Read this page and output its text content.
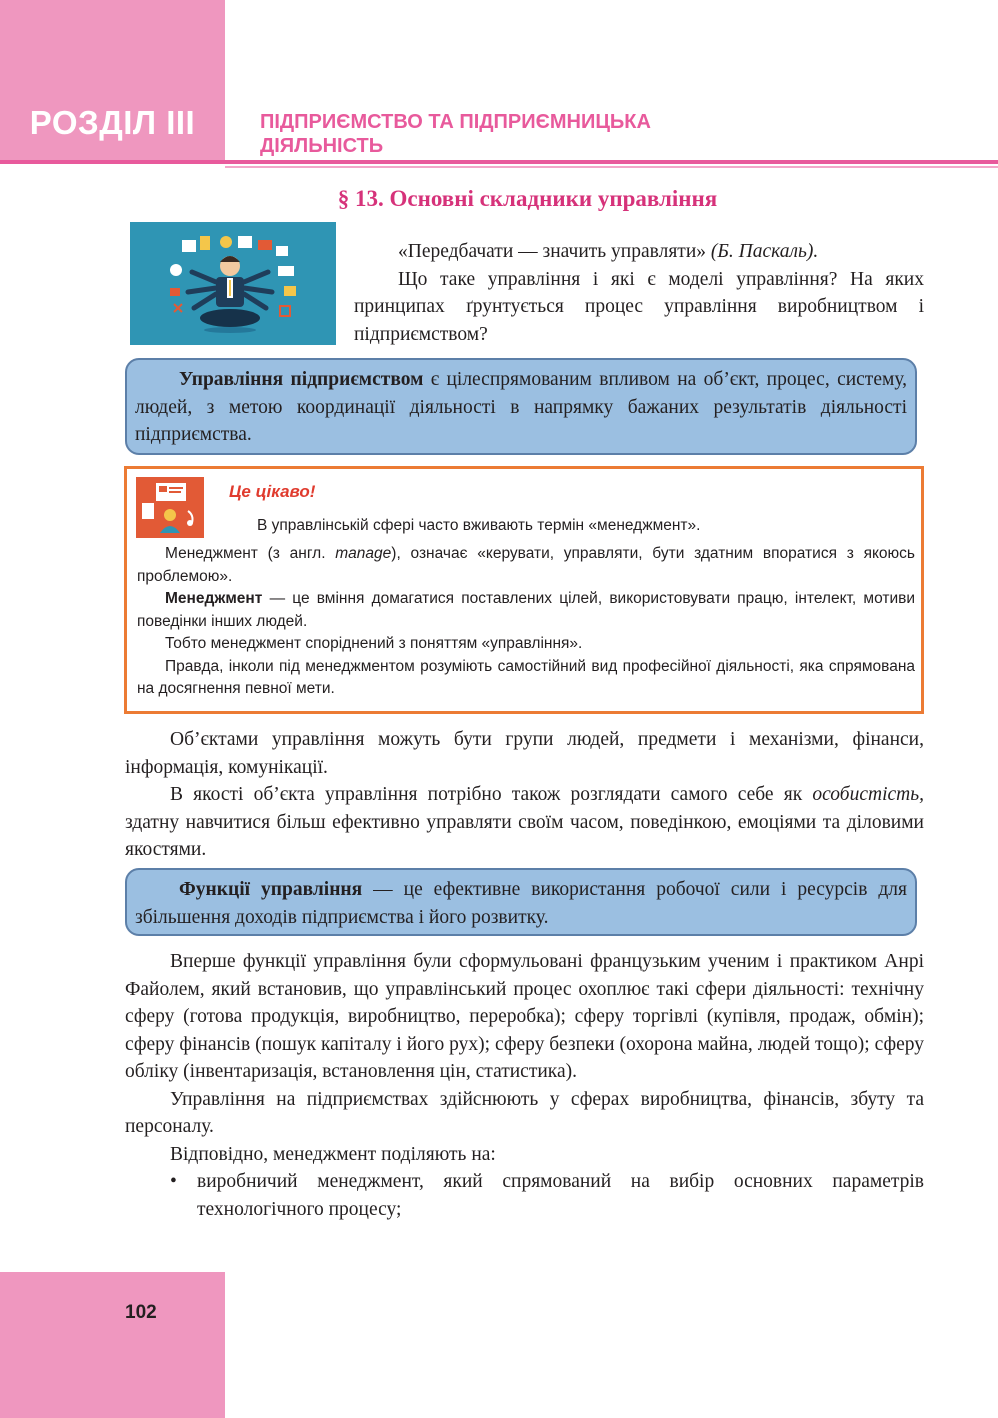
РОЗДІЛ III	ПІДПРИЄМСТВО ТА ПІДПРИЄМНИЦЬКА
ДІЯЛЬНІСТЬ
§ 13. Основні складники управління

«Передбачати — значить управляти» (Б. Паскаль).

Що таке управління і які є моделі управління? На яких принципах ґрунтується процес управління виробництвом і підприємством?

Управління підприємством є цілеспрямованим впливом на об’єкт, процес, систему, людей, з метою координації діяльності в напрямку бажаних результатів діяльності підприємства.

Це цікаво!
В управлінській сфері часто вживають термін «менеджмент».

Менеджмент (з англ. manage), означає «керувати, управляти, бути здатним впоратися з якоюсь проблемою».

Менеджмент — це вміння домагатися поставлених цілей, використовувати працю, інтелект, мотиви поведінки інших людей.

Тобто менеджмент споріднений з поняттям «управління».

Правда, інколи під менеджментом розуміють самостійний вид професійної діяльності, яка спрямована на досягнення певної мети.

Об’єктами управління можуть бути групи людей, предмети і механізми, фінанси, інформація, комунікації.

В якості об’єкта управління потрібно також розглядати самого себе як особистість, здатну навчитися більш ефективно управляти своїм часом, поведінкою, емоціями та діловими якостями.

Функції управління — це ефективне використання робочої сили і ресурсів для збільшення доходів підприємства і його розвитку.

Вперше функції управління були сформульовані французьким ученим і практиком Анрі Файолем, який встановив, що управлінський процес охоплює такі сфери діяльності: технічну сферу (готова продукція, виробництво, переробка); сферу торгівлі (купівля, продаж, обмін); сферу фінансів (пошук капіталу і його рух); сферу безпеки (охорона майна, людей тощо); сферу обліку (інвентаризація, встановлення цін, статистика).

Управління на підприємствах здійснюють у сферах виробництва, фінансів, збуту та персоналу.

Відповідно, менеджмент поділяють на:

• виробничий менеджмент, який спрямований на вибір основних параметрів технологічного процесу;
102
